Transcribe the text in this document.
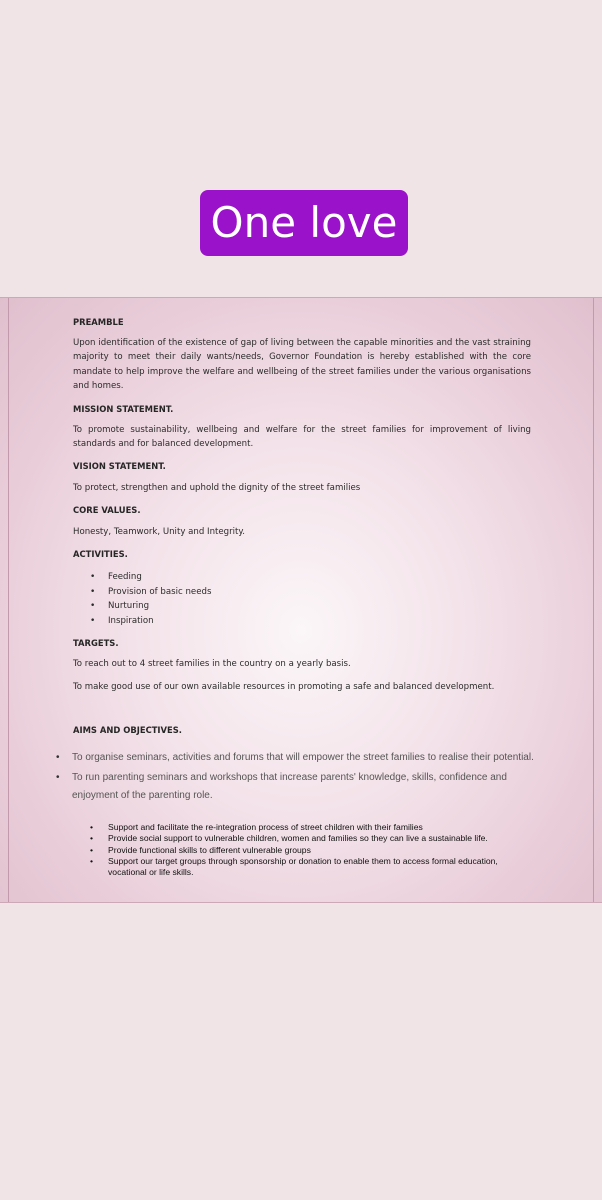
One love

PREAMBLE

Upon identification of the existence of gap of living between the capable minorities and the vast straining majority to meet their daily wants/needs, Governor Foundation is hereby established with the core mandate to help improve the welfare and wellbeing of the street families under the various organisations and homes.

MISSION STATEMENT.

To promote sustainability, wellbeing and welfare for the street families for improvement of living standards and for balanced development.

VISION STATEMENT.

To protect, strengthen and uphold the dignity of the street families

CORE VALUES.

Honesty, Teamwork, Unity and Integrity.

ACTIVITIES.

• Feeding
• Provision of basic needs
• Nurturing
• Inspiration

TARGETS.

To reach out to 4 street families in the country on a yearly basis.

To make good use of our own available resources in promoting a safe and balanced development.

AIMS AND OBJECTIVES.

• To organise seminars, activities and forums that will empower the street families to realise their potential.
• To run parenting seminars and workshops that increase parents' knowledge, skills, confidence and enjoyment of the parenting role.
• Support and facilitate the re-integration process of street children with their families
• Provide social support to vulnerable children, women and families so they can live a sustainable life.
• Provide functional skills to different vulnerable groups
• Support our target groups through sponsorship or donation to enable them to access formal education, vocational or life skills.
